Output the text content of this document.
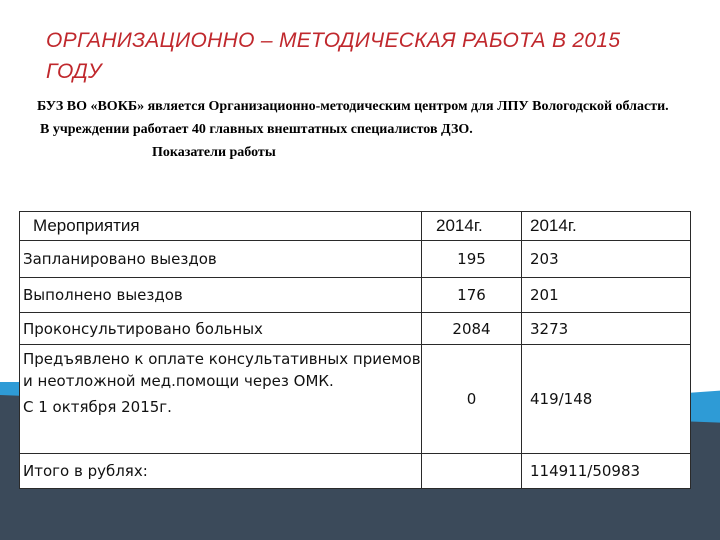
ОРГАНИЗАЦИОННО – МЕТОДИЧЕСКАЯ РАБОТА В 2015 ГОДУ

БУЗ ВО «ВОКБ» является Организационно-методическим центром для ЛПУ Вологодской области.

В учреждении работает 40 главных внештатных специалистов ДЗО.

Показатели работы

Мероприятия	2014г.	2014г.
Запланировано выездов	195	203
Выполнено выездов	176	201
Проконсультировано больных	2084	3273
Предъявлено к оплате консультативных приемов и неотложной мед.помощи через ОМК.
С 1 октября 2015г.	0	419/148
Итого в рублях:		114911/50983
